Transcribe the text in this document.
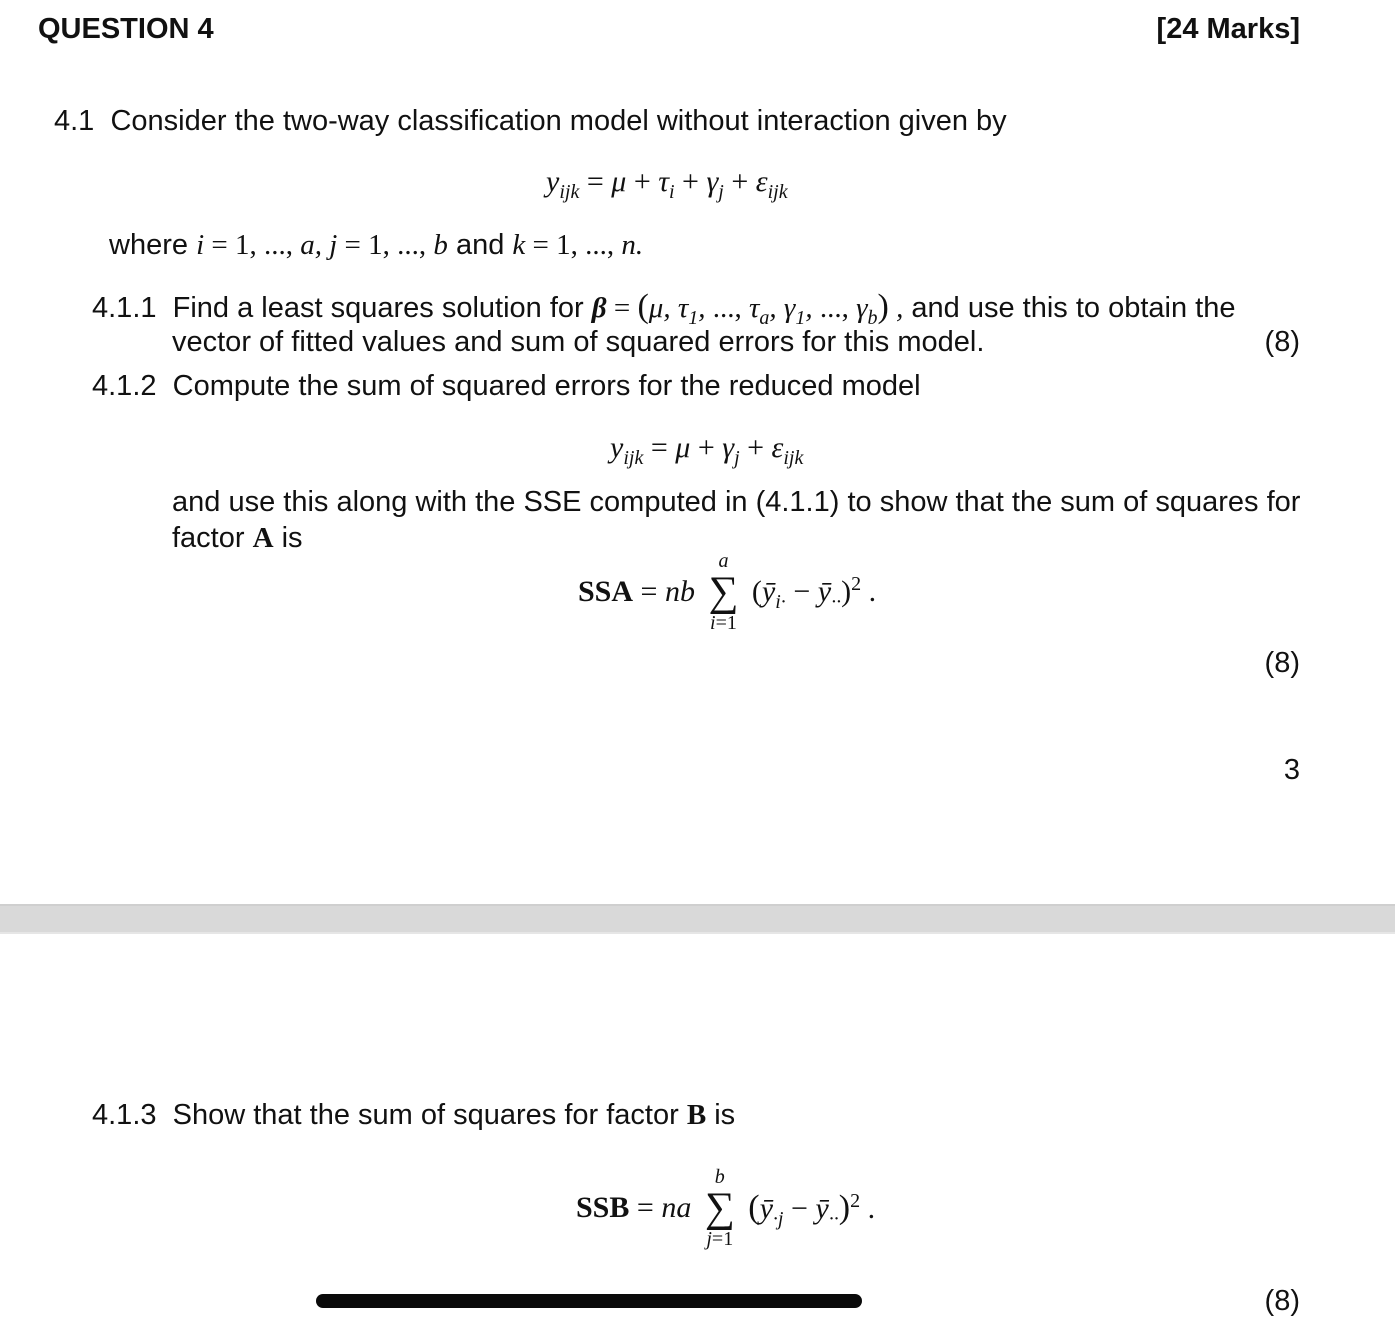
QUESTION 4	[24 Marks]
4.1 Consider the two-way classification model without interaction given by
$y_{ijk} = \mu + \tau_i + \gamma_j + \varepsilon_{ijk}$
where i = 1, ..., a, j = 1, ..., b and k = 1, ..., n.
4.1.1 Find a least squares solution for β = (μ, $\tau_1$, ..., $\tau_a$, $\gamma_1$, ..., $\gamma_b$) , and use this to obtain the
vector of fitted values and sum of squared errors for this model.	(8)
4.1.2 Compute the sum of squared errors for the reduced model
$y_{ijk} = \mu + \gamma_j + \varepsilon_{ijk}$
and use this along with the SSE computed in (4.1.1) to show that the sum of squares for
factor A is
SSA = nb
a
∑
i=1
($ȳ_{i\cdot}$ − $ȳ_{\cdot\cdot})^2$ .
(8)
3
4.1.3 Show that the sum of squares for factor B is
SSB = na
b
∑
j=1
($ȳ_{\cdot j}$ − $ȳ_{\cdot\cdot})^2$ .
(8)
